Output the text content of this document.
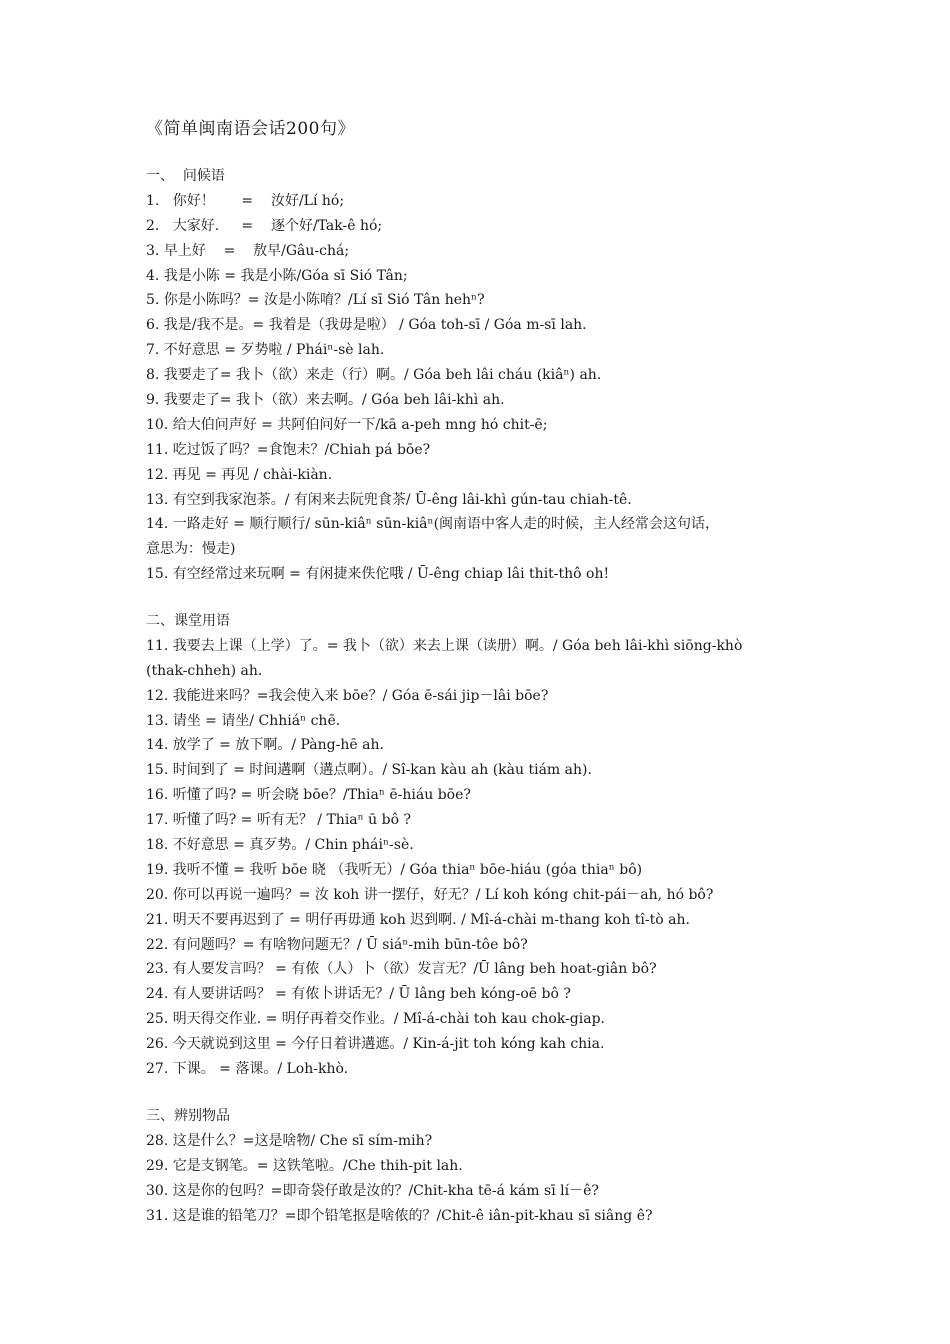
《简单闽南语会话200句》
一、  问候语
1.   你好！      =    汝好/Lí hó;
2.   大家好.     =    逐个好/Tak-ê hó;
3. 早上好    =    敖早/Gâu-chá;
4. 我是小陈 = 我是小陈/Góa sī Sió Tân;
5. 你是小陈吗？= 汝是小陈唷？/Lí sī Sió Tân hehⁿ?
6. 我是/我不是。= 我着是（我毋是啦） / Góa toh-sī / Góa m-sī lah.
7. 不好意思 = 歹势啦 / Pháiⁿ-sè lah.
8. 我要走了= 我卜（欲）来走（行）啊。/ Góa beh lâi cháu (kiâⁿ) ah.
9. 我要走了= 我卜（欲）来去啊。/ Góa beh lâi-khì ah.
10. 给大伯问声好 = 共阿伯问好一下/kā a-peh mng hó chit-ē;
11. 吃过饭了吗？=食饱未？/Chiah pá bōe?
12. 再见 = 再见 / chài-kiàn.
13. 有空到我家泡茶。/ 有闲来去阮兜食茶/ Ū-êng lâi-khì gún-tau chiah-tê.
14. 一路走好 = 顺行顺行/ sūn-kiâⁿ sūn-kiâⁿ(闽南语中客人走的时候，主人经常会这句话，
意思为：慢走)
15. 有空经常过来玩啊 = 有闲捷来佚佗哦 / Ū-êng chiap lâi thit-thô oh!
二、课堂用语
11. 我要去上课（上学）了。= 我卜（欲）来去上课（读册）啊。/ Góa beh lâi-khì siōng-khò
(thak-chheh) ah.
12. 我能进来吗？=我会使入来 bōe？/ Góa ē-sái jip－lâi bōe?
13. 请坐 = 请坐/ Chhiáⁿ chē.
14. 放学了 = 放下啊。/ Pàng-hē ah.
15. 时间到了 = 时间遘啊（遘点啊）。/ Sî-kan kàu ah (kàu tiám ah).
16. 听懂了吗? = 听会晓 bōe？/Thiaⁿ ē-hiáu bōe?
17. 听懂了吗? = 听有无？ / Thiaⁿ ū bô ?
18. 不好意思 = 真歹势。/ Chin pháiⁿ-sè.
19. 我听不懂 = 我听 bōe 晓 （我听无）/ Góa thiaⁿ bōe-hiáu (góa thiaⁿ bô)
20. 你可以再说一遍吗？= 汝 koh 讲一摆仔，好无？/ Lí koh kóng chit-pái－ah, hó bô?
21. 明天不要再迟到了 = 明仔再毋通 koh 迟到啊. / Mî-á-chài m-thang koh tî-tò ah.
22. 有问题吗？= 有啥物问题无？/ Ū siáⁿ-mih būn-tôe bô?
23. 有人要发言吗？ = 有侬（人）卜（欲）发言无？/Ū lâng beh hoat-giân bô?
24. 有人要讲话吗？ = 有侬卜讲话无？/ Ū lâng beh kóng-oē bô ?
25. 明天得交作业. = 明仔再着交作业。/ Mî-á-chài toh kau chok-giap.
26. 今天就说到这里 = 今仔日着讲遘遮。/ Kin-á-jit toh kóng kah chia.
27. 下课。 = 落课。/ Loh-khò.
三、辨别物品
28. 这是什么？=这是啥物/ Che sī sím-mih?
29. 它是支钢笔。= 这铁笔啦。/Che thih-pit lah.
30. 这是你的包吗？=即奇袋仔敢是汝的？/Chit-kha tē-á kám sī lí－ê?
31. 这是谁的铅笔刀？=即个铅笔抠是啥侬的？/Chit-ê iân-pit-khau sī siâng ê?
